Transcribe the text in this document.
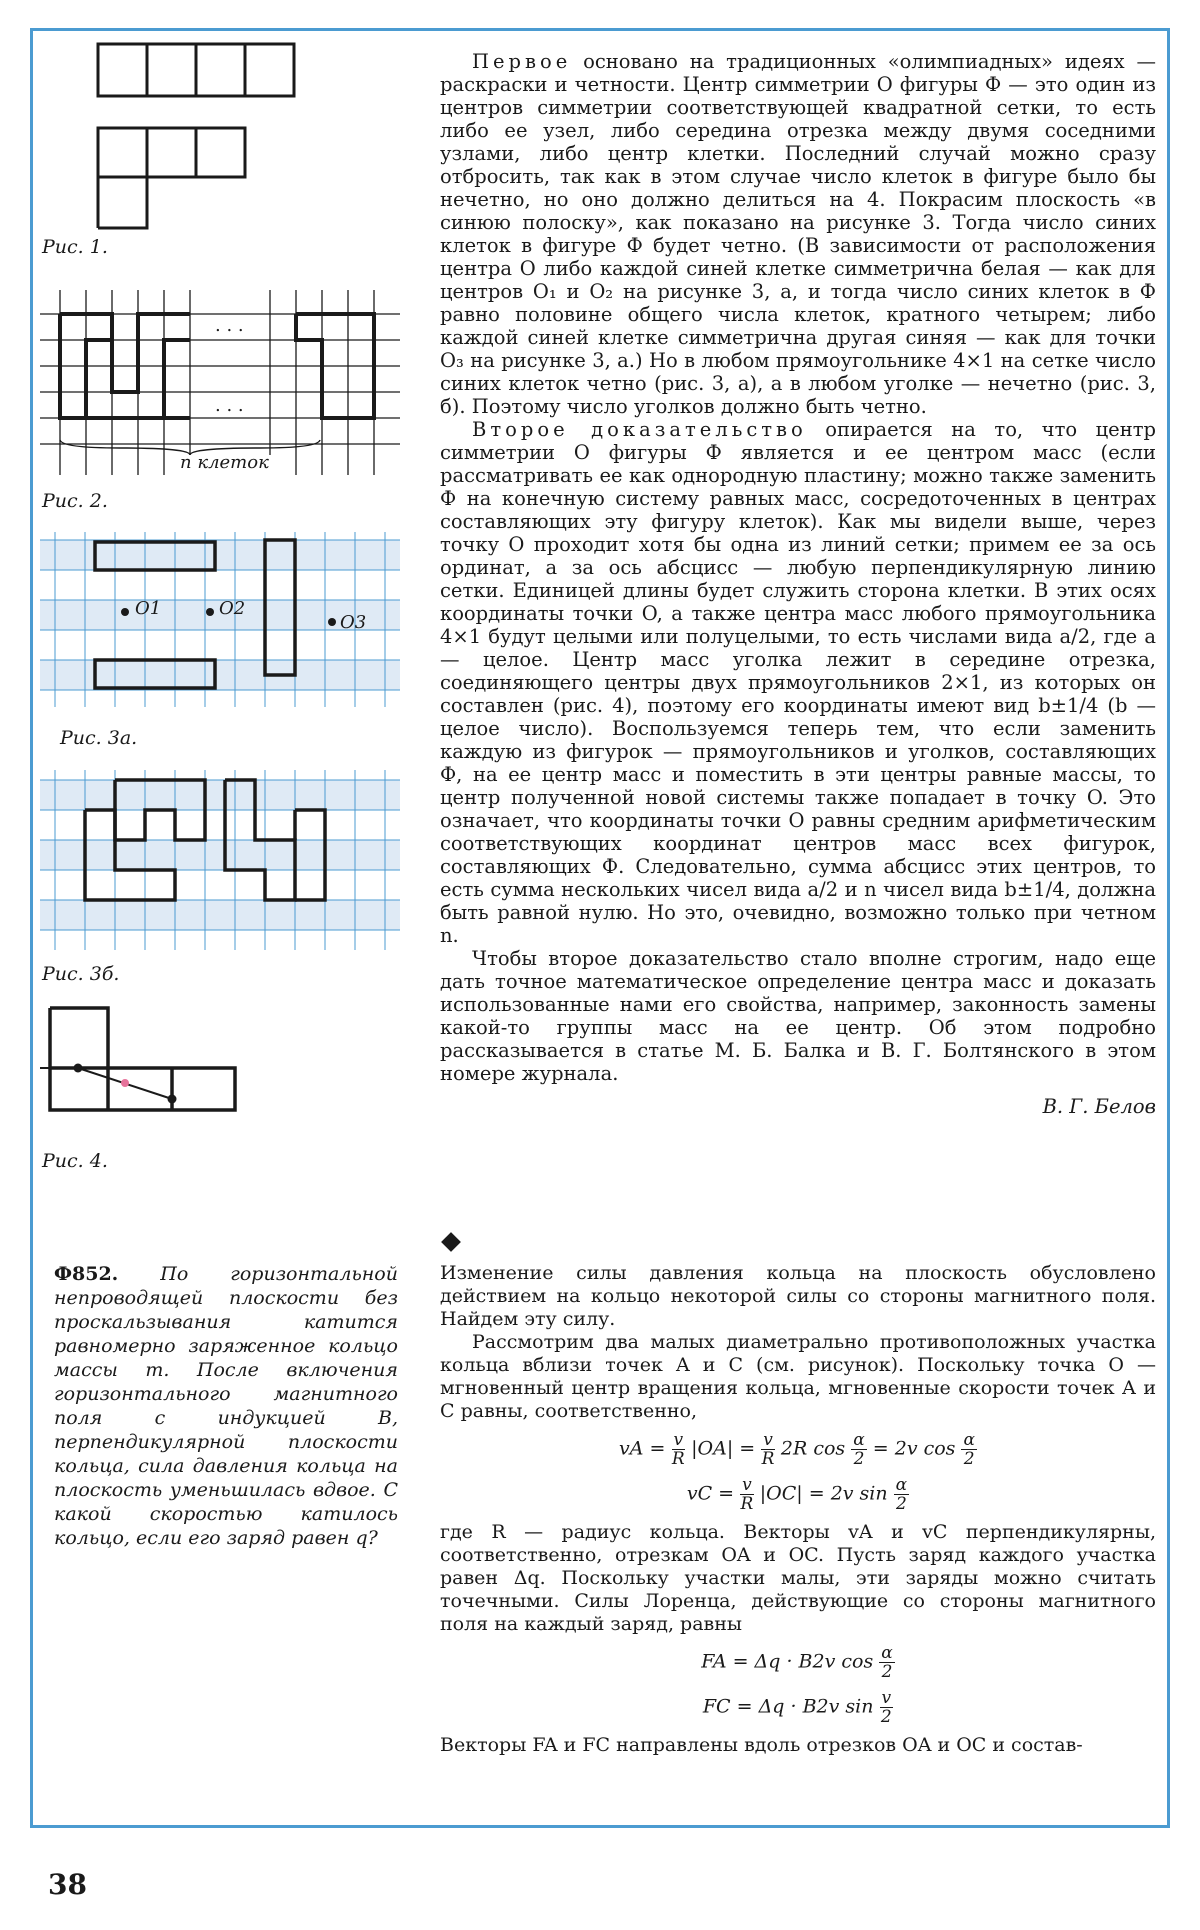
Рис. 1.
. . .
. . .
n клеток
Рис. 2.
O1	O2
O3
Рис. 3а.
Рис. 3б.
Рис. 4.

Первое основано на традиционных «олимпиадных» идеях — раскраски и четности. Центр симметрии O фигуры Ф — это один из центров симметрии соответствующей квадратной сетки, то есть либо ее узел, либо середина отрезка между двумя соседними узлами, либо центр клетки. Последний случай можно сразу отбросить, так как в этом случае число клеток в фигуре было бы нечетно, но оно должно делиться на 4. Покрасим плоскость «в синюю полоску», как показано на рисунке 3. Тогда число синих клеток в фигуре Ф будет четно. (В зависимости от расположения центра O либо каждой синей клетке симметрична белая — как для центров O₁ и O₂ на рисунке 3, а, и тогда число синих клеток в Ф равно половине общего числа клеток, кратного четырем; либо каждой синей клетке симметрична другая синяя — как для точки O₃ на рисунке 3, а.) Но в любом прямоугольнике 4×1 на сетке число синих клеток четно (рис. 3, а), а в любом уголке — нечетно (рис. 3, б). Поэтому число уголков должно быть четно.

Второе доказательство опирается на то, что центр симметрии O фигуры Ф является и ее центром масс (если рассматривать ее как однородную пластину; можно также заменить Ф на конечную систему равных масс, сосредоточенных в центрах составляющих эту фигуру клеток). Как мы видели выше, через точку O проходит хотя бы одна из линий сетки; примем ее за ось ординат, а за ось абсцисс — любую перпендикулярную линию сетки. Единицей длины будет служить сторона клетки. В этих осях координаты точки O, а также центра масс любого прямоугольника 4×1 будут целыми или полуцелыми, то есть числами вида a/2, где a — целое. Центр масс уголка лежит в середине отрезка, соединяющего центры двух прямоугольников 2×1, из которых он составлен (рис. 4), поэтому его координаты имеют вид b±1/4 (b — целое число). Воспользуемся теперь тем, что если заменить каждую из фигурок — прямоугольников и уголков, составляющих Ф, на ее центр масс и поместить в эти центры равные массы, то центр полученной новой системы также попадает в точку O. Это означает, что координаты точки O равны средним арифметическим соответствующих координат центров масс всех фигурок, составляющих Ф. Следовательно, сумма абсцисс этих центров, то есть сумма нескольких чисел вида a/2 и n чисел вида b±1/4, должна быть равной нулю. Но это, очевидно, возможно только при четном n.

Чтобы второе доказательство стало вполне строгим, надо еще дать точное математическое определение центра масс и доказать использованные нами его свойства, например, законность замены какой-то группы масс на ее центр. Об этом подробно рассказывается в статье М. Б. Балка и В. Г. Болтянского в этом номере журнала.

В. Г. Белов
Ф852. По горизонтальной непроводящей плоскости без проскальзывания катится равномерно заряженное кольцо массы m. После включения горизонтального магнитного поля с индукцией B, перпендикулярной плоскости кольца, сила давления кольца на плоскость уменьшилась вдвое. С какой скоростью катилось кольцо, если его заряд равен q?

Изменение силы давления кольца на плоскость обусловлено действием на кольцо некоторой силы со стороны магнитного поля. Найдем эту силу.

Рассмотрим два малых диаметрально противоположных участка кольца вблизи точек A и C (см. рисунок). Поскольку точка O — мгновенный центр вращения кольца, мгновенные скорости точек A и C равны, соответственно,

vA = $\frac{v}{R} |OA| = \frac{v}{R} 2R$ $\cos \frac{\alpha}{2} = 2v$ $\cos \frac{\alpha}{2}$
vC = $\frac{v}{R} |OC| = 2v$ $\sin \frac{\alpha}{2}$

где R — радиус кольца. Векторы vA и vC перпендикулярны, соответственно, отрезкам OA и OC. Пусть заряд каждого участка равен Δq. Поскольку участки малы, эти заряды можно считать точечными. Силы Лоренца, действующие со стороны магнитного поля на каждый заряд, равны

FA = Δq · B2v $\cos \frac{\alpha}{2}$
FC = Δq · B2v $\sin \frac{v}{2}$

Векторы FA и FC направлены вдоль отрезков OA и OC и состав-

38
